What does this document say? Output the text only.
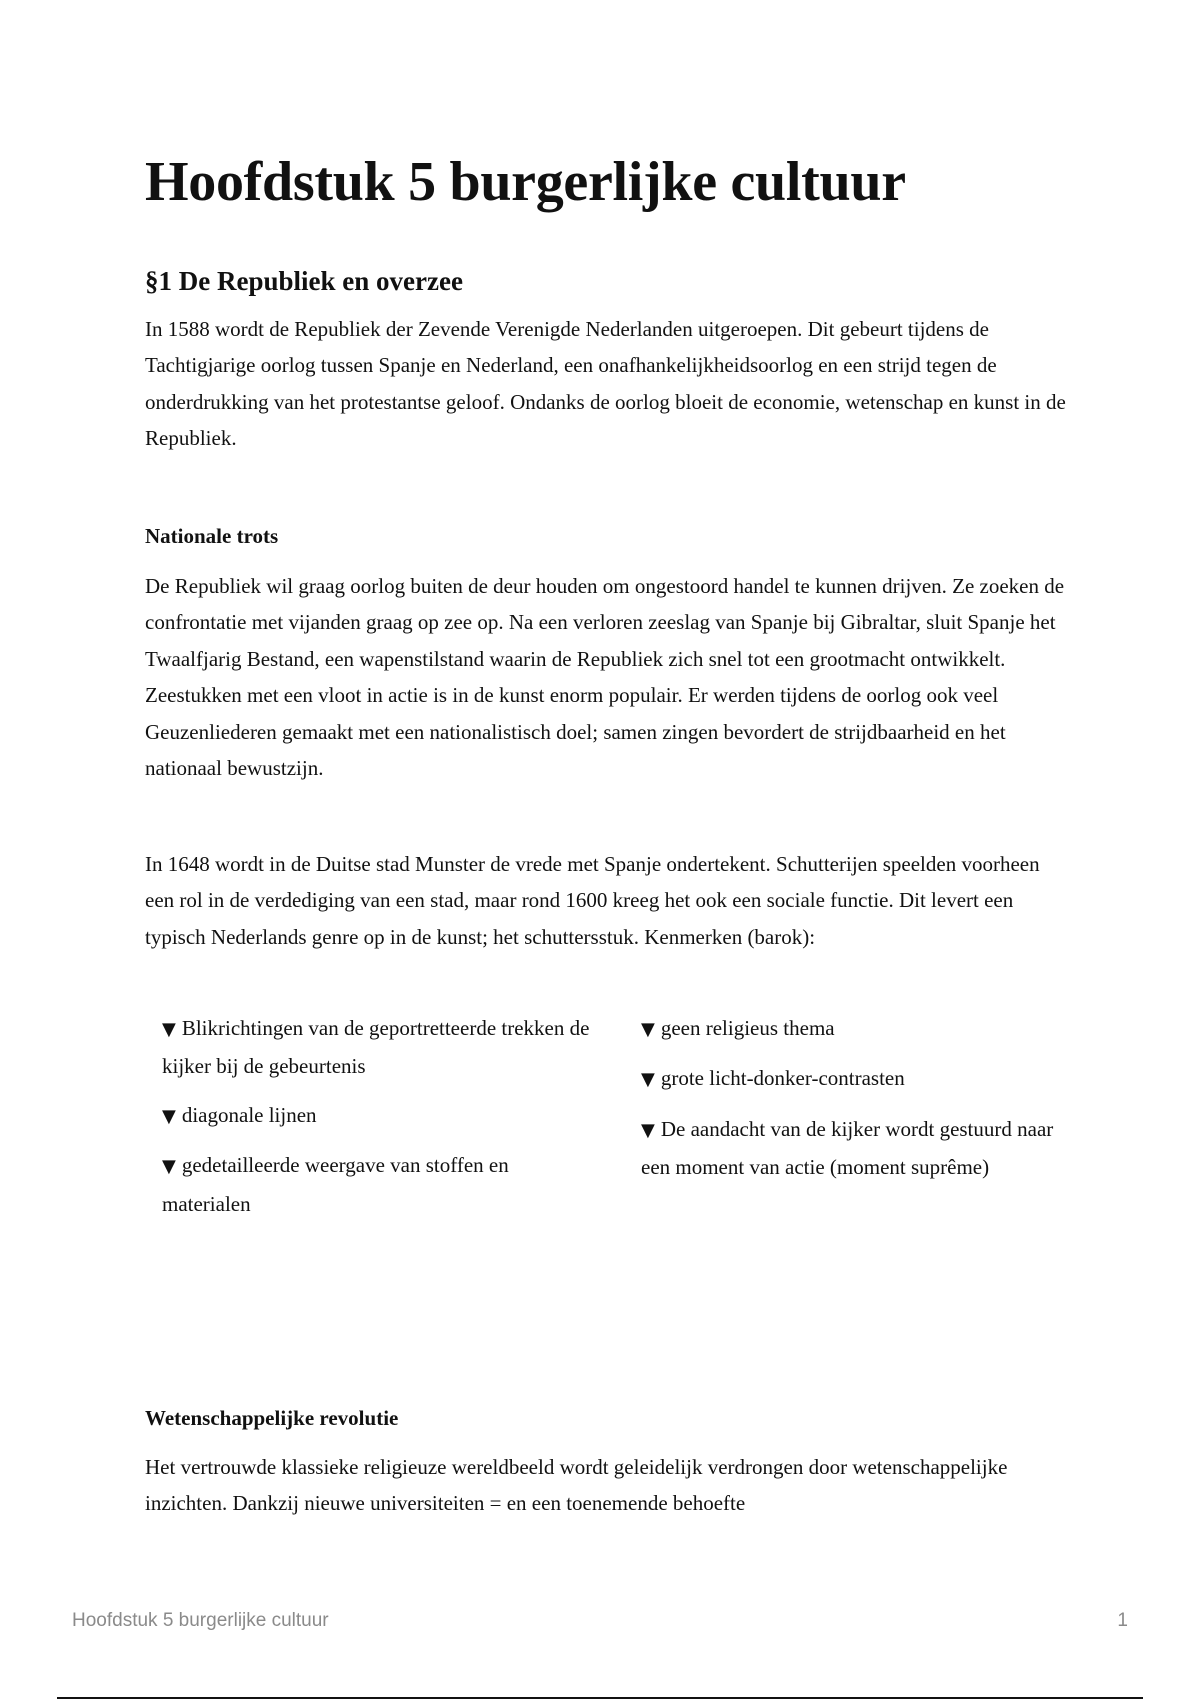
Hoofdstuk 5 burgerlijke cultuur
§1 De Republiek en overzee

In 1588 wordt de Republiek der Zevende Verenigde Nederlanden uitgeroepen. Dit gebeurt tijdens de Tachtigjarige oorlog tussen Spanje en Nederland, een onafhankelijkheidsoorlog en een strijd tegen de onderdrukking van het protestantse geloof. Ondanks de oorlog bloeit de economie, wetenschap en kunst in de Republiek.

Nationale trots

De Republiek wil graag oorlog buiten de deur houden om ongestoord handel te kunnen drijven. Ze zoeken de confrontatie met vijanden graag op zee op. Na een verloren zeeslag van Spanje bij Gibraltar, sluit Spanje het Twaalfjarig Bestand, een wapenstilstand waarin de Republiek zich snel tot een grootmacht ontwikkelt. Zeestukken met een vloot in actie is in de kunst enorm populair. Er werden tijdens de oorlog ook veel Geuzenliederen gemaakt met een nationalistisch doel; samen zingen bevordert de strijdbaarheid en het nationaal bewustzijn.

In 1648 wordt in de Duitse stad Munster de vrede met Spanje ondertekent. Schutterijen speelden voorheen een rol in de verdediging van een stad, maar rond 1600 kreeg het ook een sociale functie. Dit levert een typisch Nederlands genre op in de kunst; het schuttersstuk. Kenmerken (barok):

▼ Blikrichtingen van de geportretteerde trekken de kijker bij de gebeurtenis
▼ diagonale lijnen
▼ gedetailleerde weergave van stoffen en materialen
▼ geen religieus thema
▼ grote licht-donker-contrasten
▼ De aandacht van de kijker wordt gestuurd naar een moment van actie (moment suprême)
Wetenschappelijke revolutie

Het vertrouwde klassieke religieuze wereldbeeld wordt geleidelijk verdrongen door wetenschappelijke inzichten. Dankzij nieuwe universiteiten = en een toenemende behoefte

Hoofdstuk 5 burgerlijke cultuur	1
